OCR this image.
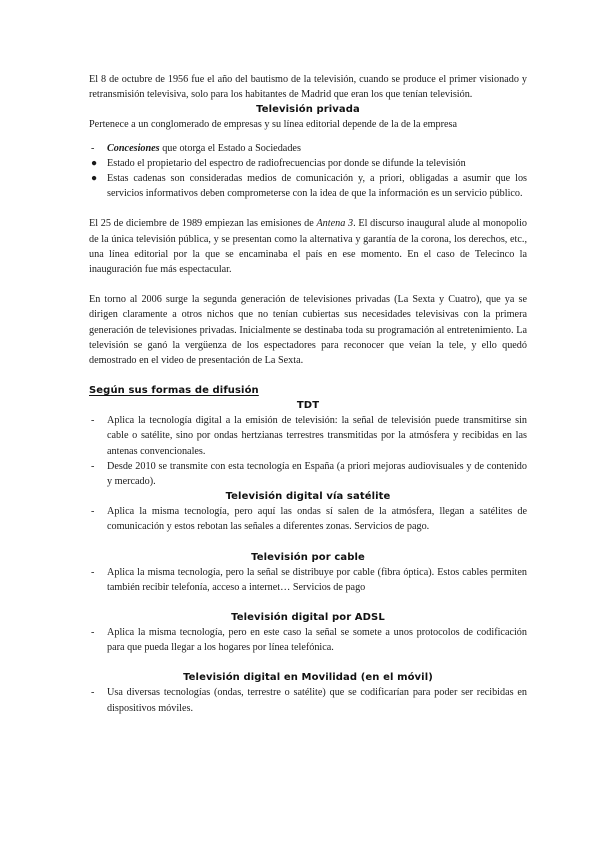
El 8 de octubre de 1956 fue el año del bautismo de la televisión, cuando se produce el primer visionado y retransmisión televisiva, solo para los habitantes de Madrid que eran los que tenían televisión.

Televisión privada

Pertenece a un conglomerado de empresas y su línea editorial depende de la de la empresa

-	Concesiones que otorga el Estado a Sociedades
● Estado el propietario del espectro de radiofrecuencias por donde se difunde la televisión
● Estas cadenas son consideradas medios de comunicación y, a priori, obligadas a asumir que los servicios informativos deben comprometerse con la idea de que la información es un servicio público.

El 25 de diciembre de 1989 empiezan las emisiones de Antena 3. El discurso inaugural alude al monopolio de la única televisión pública, y se presentan como la alternativa y garantía de la corona, los derechos, etc., una línea editorial por la que se encaminaba el país en ese momento. En el caso de Telecinco la inauguración fue más espectacular.

En torno al 2006 surge la segunda generación de televisiones privadas (La Sexta y Cuatro), que ya se dirigen claramente a otros nichos que no tenían cubiertas sus necesidades televisivas con la primera generación de televisiones privadas. Inicialmente se destinaba toda su programación al entretenimiento. La televisión se ganó la vergüenza de los espectadores para reconocer que veían la tele, y ello quedó demostrado en el video de presentación de La Sexta.

Según sus formas de difusión
TDT
-	Aplica la tecnología digital a la emisión de televisión: la señal de televisión puede transmitirse sin cable o satélite, sino por ondas hertzianas terrestres transmitidas por la atmósfera y recibidas en las antenas convencionales.
-	Desde 2010 se transmite con esta tecnología en España (a priori mejoras audiovisuales y de contenido y mercado).
Televisión digital vía satélite
-	Aplica la misma tecnología, pero aquí las ondas sí salen de la atmósfera, llegan a satélites de comunicación y estos rebotan las señales a diferentes zonas. Servicios de pago.
Televisión por cable
-	Aplica la misma tecnología, pero la señal se distribuye por cable (fibra óptica). Estos cables permiten también recibir telefonía, acceso a internet… Servicios de pago
Televisión digital por ADSL
-	Aplica la misma tecnología, pero en este caso la señal se somete a unos protocolos de codificación para que pueda llegar a los hogares por línea telefónica.
Televisión digital en Movilidad (en el móvil)
-	Usa diversas tecnologías (ondas, terrestre o satélite) que se codificarían para poder ser recibidas en dispositivos móviles.
